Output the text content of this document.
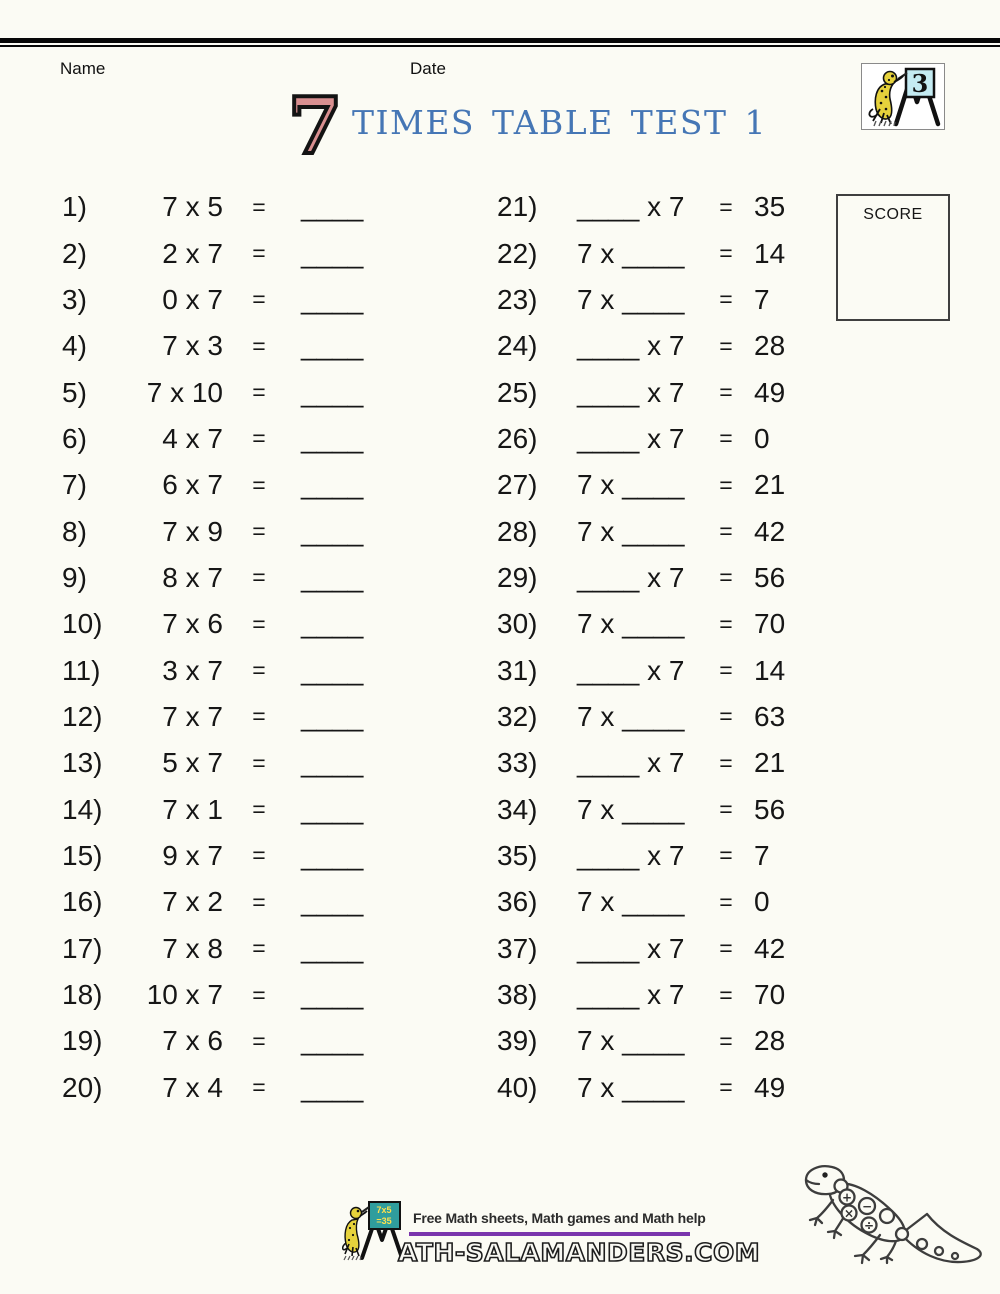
Name	Date
3
7 TIMES TABLE TEST 1
SCORE
1)	7 x 5	=	____
2)	2 x 7	=	____
3)	0 x 7	=	____
4)	7 x 3	=	____
5)	7 x 10	=	____
6)	4 x 7	=	____
7)	6 x 7	=	____
8)	7 x 9	=	____
9)	8 x 7	=	____
10)	7 x 6	=	____
11)	3 x 7	=	____
12)	7 x 7	=	____
13)	5 x 7	=	____
14)	7 x 1	=	____
15)	9 x 7	=	____
16)	7 x 2	=	____
17)	7 x 8	=	____
18)	10 x 7	=	____
19)	7 x 6	=	____
20)	7 x 4	=	____
21)	____ x 7	= 35
22)	7 x ____	= 14
23)	7 x ____	= 7
24)	____ x 7	= 28
25)	____ x 7	= 49
26)	____ x 7	= 0
27)	7 x ____	= 21
28)	7 x ____	= 42
29)	____ x 7	= 56
30)	7 x ____	= 70
31)	____ x 7	= 14
32)	7 x ____	= 63
33)	____ x 7	= 21
34)	7 x ____	= 56
35)	____ x 7	= 7
36)	7 x ____	= 0
37)	____ x 7	= 42
38)	____ x 7	= 70
39)	7 x ____	= 28
40)	7 x ____	= 49
7x5
=35 Free Math sheets, Math games and Math help
ATH-SALAMANDERS.COM
+
−
×
÷
